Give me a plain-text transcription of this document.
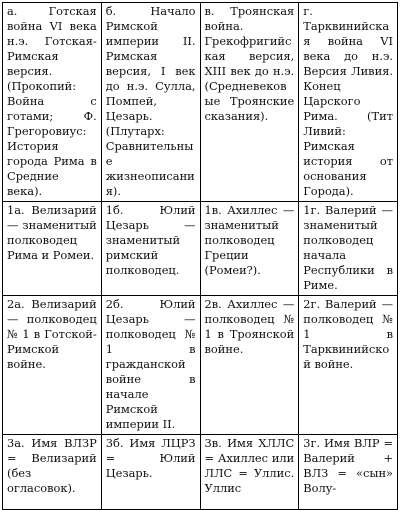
а. Готская война VI века н.э. Готская-Римская версия. (Прокопий: Война с готами; Ф. Грегоровиус: История города Рима в Средние века).	б. Начало Римской империи II. Римская версия, I век до н.э. Сулла, Помпей, Цезарь. (Плутарх: Сравнительные жизнеописания).	в. Троянская война. Грекофригийская версия, XIII век до н.э. (Средневековые Троянские сказания).	г. Тарквинийская война VI века до н.э. Версия Ливия. Конец Царского Рима. (Тит Ливий: Римская история от основания Города).

1а. Велизарий — знаменитый полководец Рима и Ромеи.	1б. Юлий Цезарь — знаменитый римский полководец.	1в. Ахиллес — знаменитый полководец Греции (Ромеи?).	1г. Валерий — знаменитый полководец начала Республики в Риме.

2а. Велизарий — полководец № 1 в Готской-Римской войне.	2б. Юлий Цезарь — полководец № 1 в гражданской войне в начале Римской империи II.	2в. Ахиллес — полководец № 1 в Троянской войне.	2г. Валерий — полководец № 1 в Тарквинийской войне.

3а. Имя ВЛЗР = Велизарий (без огласовок).	3б. Имя ЛЦРЗ = Юлий Цезарь.	3в. Имя ХЛЛС = Ахиллес или ЛЛС = Уллис. Уллис	3г. Имя ВЛР = Валерий + ВЛЗ = «сын» Волу-
